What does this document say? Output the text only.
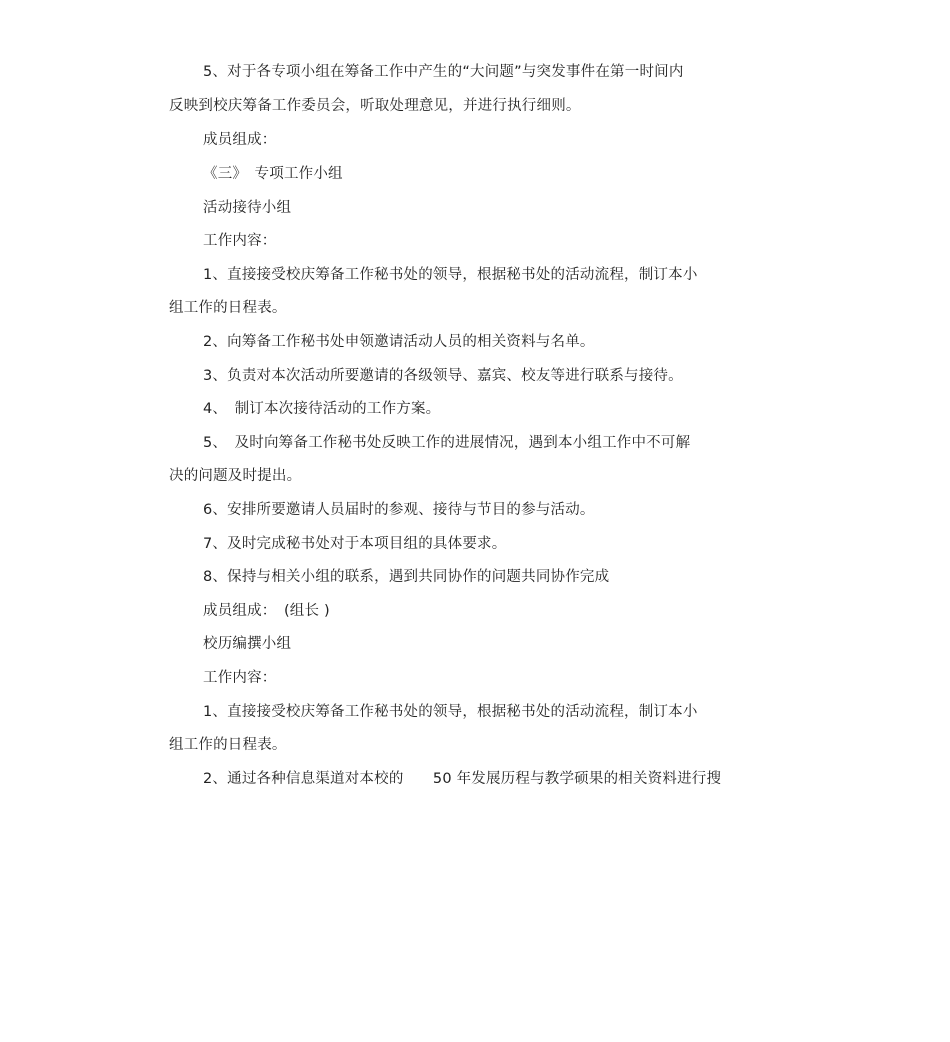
5、对于各专项小组在筹备工作中产生的“大问题”与突发事件在第一时间内
反映到校庆筹备工作委员会，听取处理意见，并进行执行细则。
成员组成：
《三》　专项工作小组
活动接待小组
工作内容：
1、直接接受校庆筹备工作秘书处的领导，根据秘书处的活动流程，制订本小
组工作的日程表。
2、向筹备工作秘书处申领邀请活动人员的相关资料与名单。
3、负责对本次活动所要邀请的各级领导、嘉宾、校友等进行联系与接待。
4、　制订本次接待活动的工作方案。
5、　及时向筹备工作秘书处反映工作的进展情况，遇到本小组工作中不可解
决的问题及时提出。
6、安排所要邀请人员届时的参观、接待与节目的参与活动。
7、及时完成秘书处对于本项目组的具体要求。
8、保持与相关小组的联系，遇到共同协作的问题共同协作完成
成员组成：　(组长 )
校历编撰小组
工作内容：
1、直接接受校庆筹备工作秘书处的领导，根据秘书处的活动流程，制订本小
组工作的日程表。
2、通过各种信息渠道对本校的　　50 年发展历程与教学硕果的相关资料进行搜
